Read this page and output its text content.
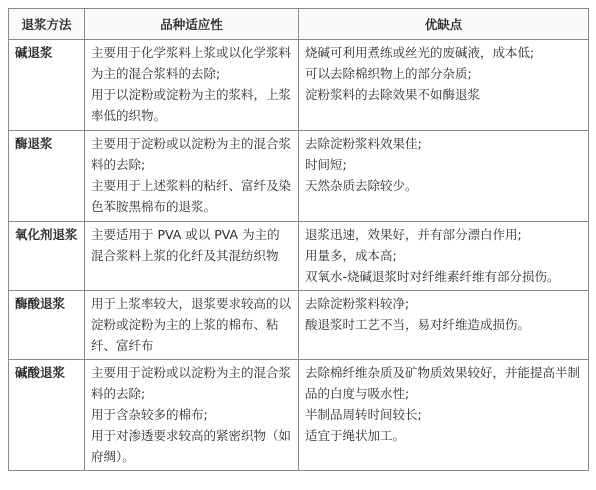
退浆方法	品种适应性	优缺点
碱退浆	主要用于化学浆料上浆或以化学浆料为主的混合浆料的去除;
用于以淀粉或淀粉为主的浆料，上浆率低的织物。	烧碱可利用煮练或丝光的废碱液，成本低;
可以去除棉织物上的部分杂质;
淀粉浆料的去除效果不如酶退浆

酶退浆	主要用于淀粉或以淀粉为主的混合浆料的去除;
主要用于上述浆料的粘纤、富纤及染色苯胺黑棉布的退浆。	去除淀粉浆料效果佳;
时间短;
天然杂质去除较少。

氧化剂退浆	主要适用于 PVA 或以 PVA 为主的混合浆料上浆的化纤及其混纺织物	退浆迅速，效果好，并有部分漂白作用;
用量多，成本高;
双氧水-烧碱退浆时对纤维素纤维有部分损伤。

酶酸退浆	用于上浆率较大，退浆要求较高的以淀粉或淀粉为主的上浆的棉布、粘纤、富纤布	去除淀粉浆料较净;
酸退浆时工艺不当，易对纤维造成损伤。

碱酸退浆	主要用于淀粉或以淀粉为主的混合浆料的去除;
用于含杂较多的棉布;
用于对渗透要求较高的紧密织物（如府绸）。	去除棉纤维杂质及矿物质效果较好，并能提高半制品的白度与吸水性;
半制品周转时间较长;
适宜于绳状加工。
